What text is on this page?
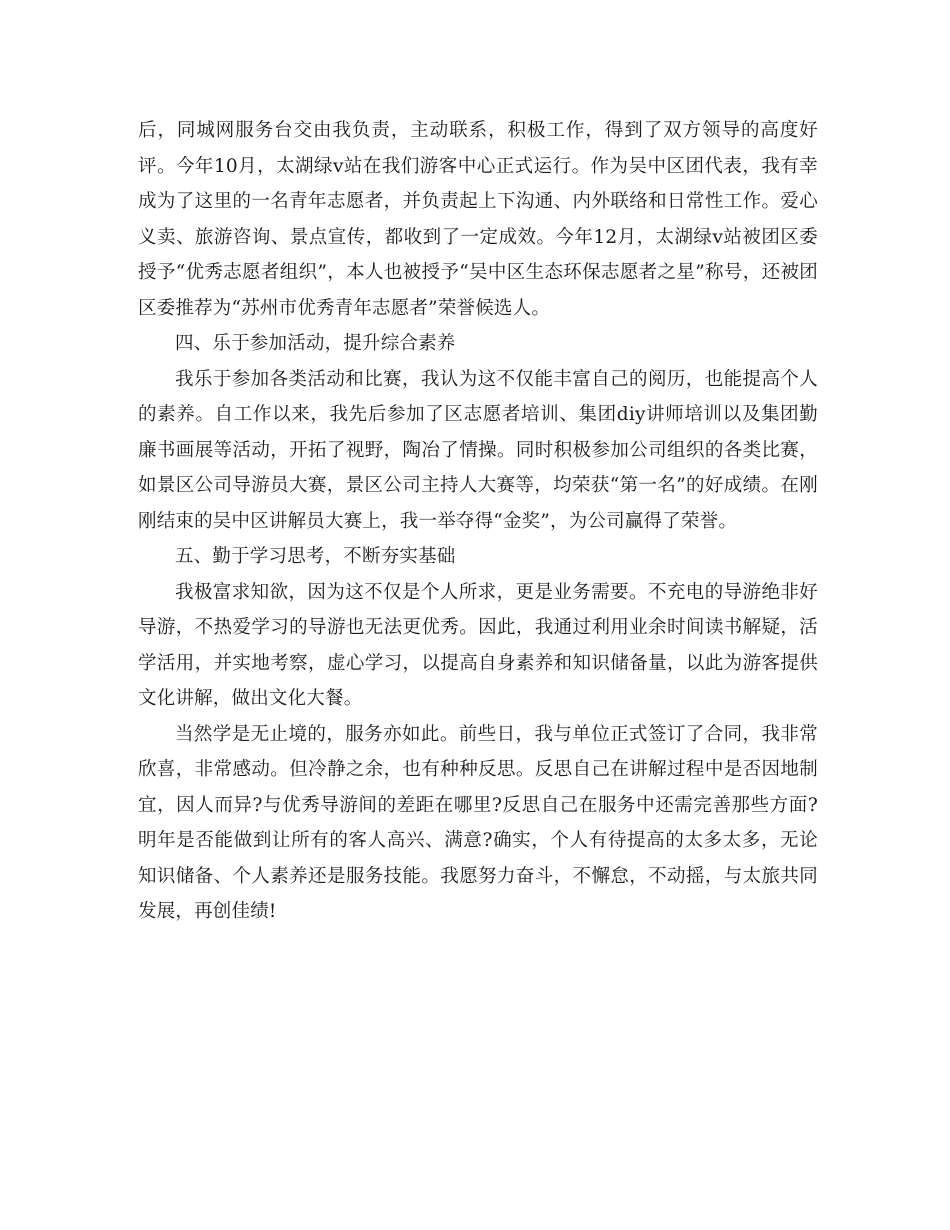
后，同城网服务台交由我负责，主动联系，积极工作，得到了双方领导的高度好评。今年10月，太湖绿v站在我们游客中心正式运行。作为吴中区团代表，我有幸成为了这里的一名青年志愿者，并负责起上下沟通、内外联络和日常性工作。爱心义卖、旅游咨询、景点宣传，都收到了一定成效。今年12月，太湖绿v站被团区委授予“优秀志愿者组织”，本人也被授予“吴中区生态环保志愿者之星”称号，还被团区委推荐为“苏州市优秀青年志愿者”荣誉候选人。

四、乐于参加活动，提升综合素养

我乐于参加各类活动和比赛，我认为这不仅能丰富自己的阅历，也能提高个人的素养。自工作以来，我先后参加了区志愿者培训、集团diy讲师培训以及集团勤廉书画展等活动，开拓了视野，陶冶了情操。同时积极参加公司组织的各类比赛，如景区公司导游员大赛，景区公司主持人大赛等，均荣获“第一名”的好成绩。在刚刚结束的吴中区讲解员大赛上，我一举夺得“金奖”，为公司赢得了荣誉。

五、勤于学习思考，不断夯实基础

我极富求知欲，因为这不仅是个人所求，更是业务需要。不充电的导游绝非好导游，不热爱学习的导游也无法更优秀。因此，我通过利用业余时间读书解疑，活学活用，并实地考察，虚心学习，以提高自身素养和知识储备量，以此为游客提供文化讲解，做出文化大餐。

当然学是无止境的，服务亦如此。前些日，我与单位正式签订了合同，我非常欣喜，非常感动。但冷静之余，也有种种反思。反思自己在讲解过程中是否因地制宜，因人而异?与优秀导游间的差距在哪里?反思自己在服务中还需完善那些方面?明年是否能做到让所有的客人高兴、满意?确实，个人有待提高的太多太多，无论知识储备、个人素养还是服务技能。我愿努力奋斗，不懈怠，不动摇，与太旅共同发展，再创佳绩!
